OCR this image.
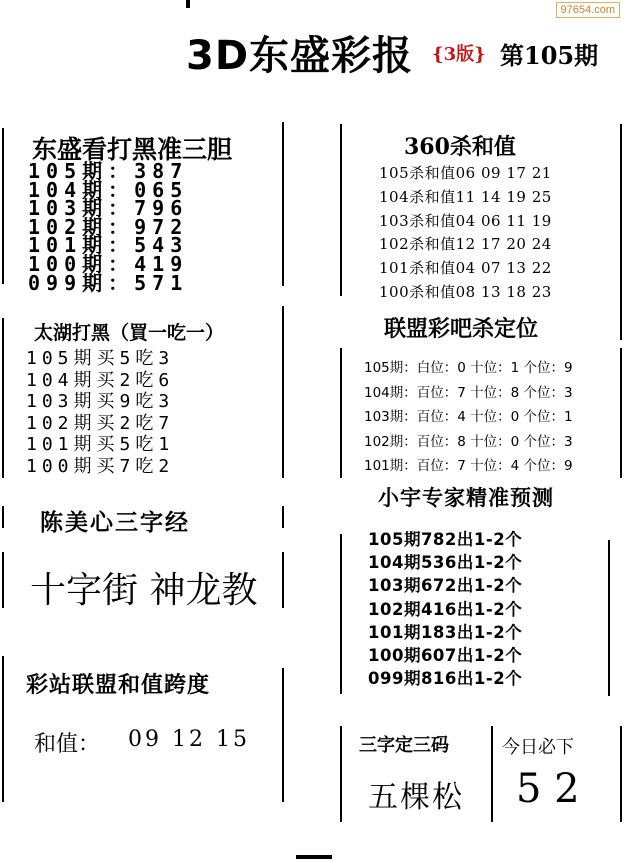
97654.com
3D东盛彩报 {3版} 第105期
东盛看打黑准三胆
105期：387
104期：065
103期：796
102期：972
101期：543
100期：419
099期：571
太湖打黑（買一吃一）
105期买5吃3
104期买2吃6
103期买9吃3
102期买2吃7
101期买5吃1
100期买7吃2
陈美心三字经
十字街 神龙教
彩站联盟和值跨度
和值： 09 12 15
360杀和值
105杀和值06 09 17 21
104杀和值11 14 19 25
103杀和值04 06 11 19
102杀和值12 17 20 24
101杀和值04 07 13 22
100杀和值08 13 18 23
联盟彩吧杀定位
105期：白位：0 十位：1 个位：9
104期：百位：7 十位：8 个位：3
103期：百位：4 十位：0 个位：1
102期：百位：8 十位：0 个位：3
101期：百位：7 十位：4 个位：9
小宇专家精准预测
105期782出1-2个
104期536出1-2个
103期672出1-2个
102期416出1-2个
101期183出1-2个
100期607出1-2个
099期816出1-2个
三字定三码
五棵松
今日必下
5 2
